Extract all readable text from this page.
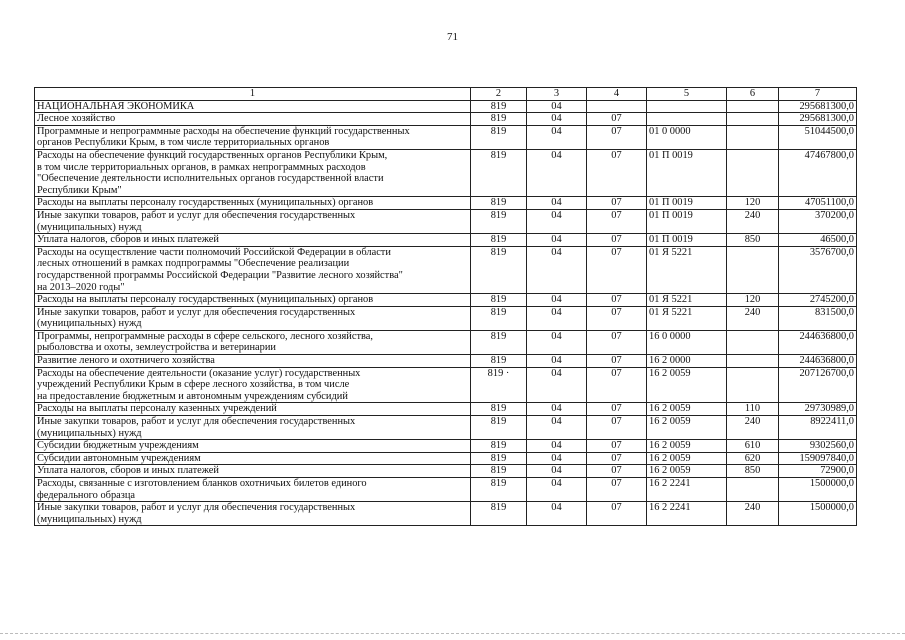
71
1	2	3	4	5	6	7
НАЦИОНАЛЬНАЯ ЭКОНОМИКА	819	04				295681300,0
Лесное хозяйство	819	04	07			295681300,0
Программные и непрограммные расходы на обеспечение функций государственных
органов Республики Крым, в том числе территориальных органов	819	04	07	01 0 0000		51044500,0
Расходы на обеспечение функций государственных органов Республики Крым,
в том числе территориальных органов, в рамках непрограммных расходов
"Обеспечение деятельности исполнительных органов государственной власти
Республики Крым"	819	04	07	01 П 0019		47467800,0
Расходы на выплаты персоналу государственных (муниципальных) органов	819	04	07	01 П 0019	120	47051100,0
Иные закупки товаров, работ и услуг для обеспечения государственных
(муниципальных) нужд	819	04	07	01 П 0019	240	370200,0
Уплата налогов, сборов и иных платежей	819	04	07	01 П 0019	850	46500,0
Расходы на осуществление части полномочий Российской Федерации в области
лесных отношений в рамках подпрограммы "Обеспечение реализации
государственной программы Российской Федерации "Развитие лесного хозяйства"
на 2013–2020 годы"	819	04	07	01 Я 5221		3576700,0
Расходы на выплаты персоналу государственных (муниципальных) органов	819	04	07	01 Я 5221	120	2745200,0
Иные закупки товаров, работ и услуг для обеспечения государственных
(муниципальных) нужд	819	04	07	01 Я 5221	240	831500,0
Программы, непрограммные расходы в сфере сельского, лесного хозяйства,
рыболовства и охоты, землеустройства и ветеринарии	819	04	07	16 0 0000		244636800,0
Развитие леного и охотничего хозяйства	819	04	07	16 2 0000		244636800,0
Расходы на обеспечение деятельности (оказание услуг) государственных
учреждений Республики Крым в сфере лесного хозяйства, в том числе
на предоставление бюджетным и автономным учреждениям субсидий	819 ·	04	07	16 2 0059		207126700,0
Расходы на выплаты персоналу казенных учреждений	819	04	07	16 2 0059	110	29730989,0
Иные закупки товаров, работ и услуг для обеспечения государственных
(муниципальных) нужд	819	04	07	16 2 0059	240	8922411,0
Субсидии бюджетным учреждениям	819	04	07	16 2 0059	610	9302560,0
Субсидии автономным учреждениям	819	04	07	16 2 0059	620	159097840,0
Уплата налогов, сборов и иных платежей	819	04	07	16 2 0059	850	72900,0
Расходы, связанные с изготовлением бланков охотничьих билетов единого
федерального образца	819	04	07	16 2 2241		1500000,0
Иные закупки товаров, работ и услуг для обеспечения государственных
(муниципальных) нужд	819	04	07	16 2 2241	240	1500000,0
